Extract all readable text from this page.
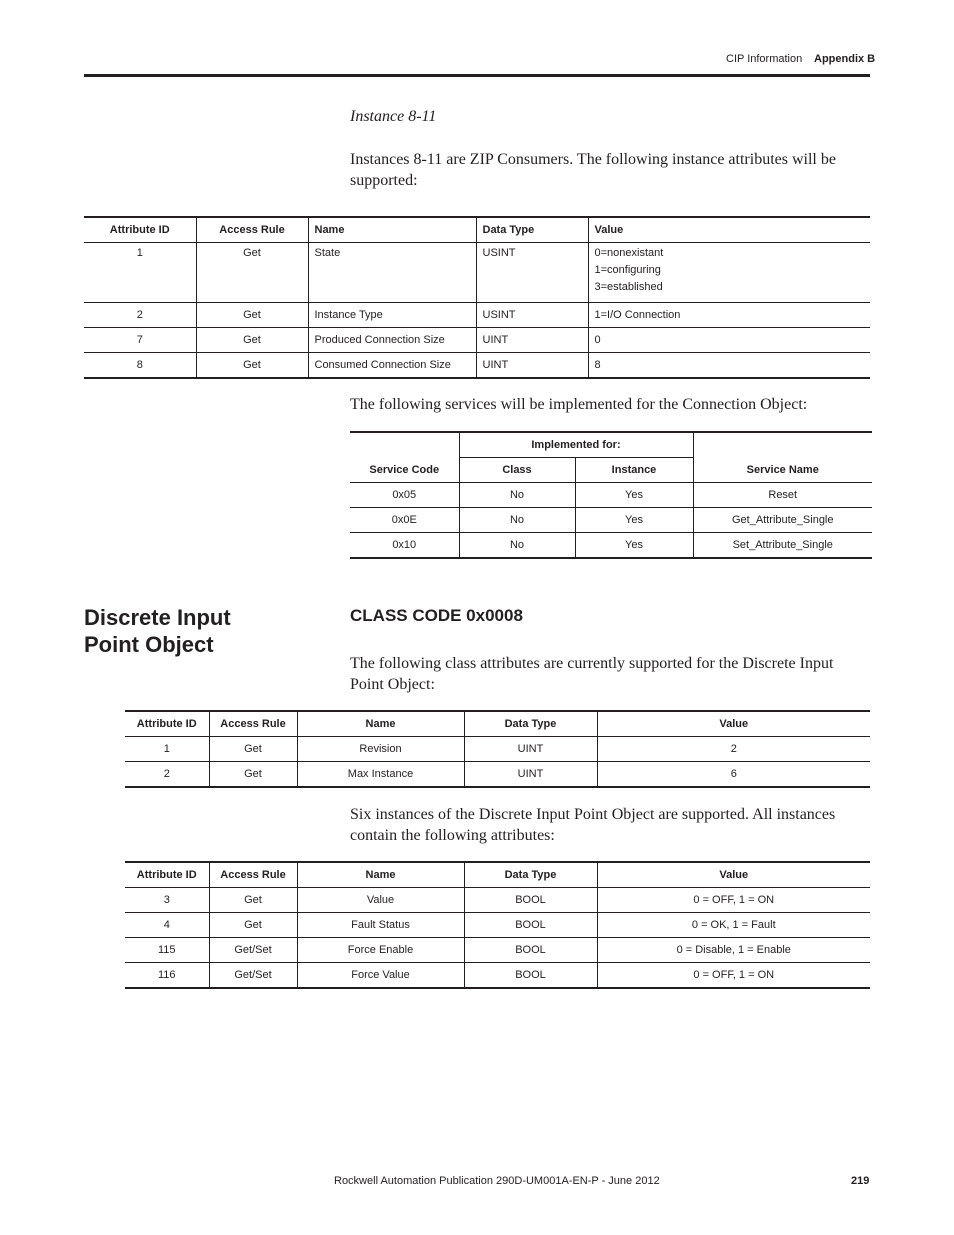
CIP Information Appendix B
Instance 8-11
Instances 8-11 are ZIP Consumers. The following instance attributes will be supported:
Attribute ID	Access Rule	Name	Data Type	Value
1	Get	State	USINT	0=nonexistant
1=configuring
3=established

2	Get	Instance Type	USINT	1=I/O Connection
7	Get	Produced Connection Size	UINT	0
8	Get	Consumed Connection Size	UINT	8
The following services will be implemented for the Connection Object:
Service Code	Implemented for:		Service Name
	Class	Instance	
0x05	No	Yes	Reset
0x0E	No	Yes	Get_Attribute_Single
0x10	No	Yes	Set_Attribute_Single
Discrete Input Point Object
CLASS CODE 0x0008
The following class attributes are currently supported for the Discrete Input Point Object:
Attribute ID	Access Rule	Name	Data Type	Value
1	Get	Revision	UINT	2
2	Get	Max Instance	UINT	6
Six instances of the Discrete Input Point Object are supported. All instances contain the following attributes:
Attribute ID	Access Rule	Name	Data Type	Value
3	Get	Value	BOOL	0 = OFF, 1 = ON
4	Get	Fault Status	BOOL	0 = OK, 1 = Fault
115	Get/Set	Force Enable	BOOL	0 = Disable, 1 = Enable
116	Get/Set	Force Value	BOOL	0 = OFF, 1 = ON
Rockwell Automation Publication 290D-UM001A-EN-P - June 2012	219
